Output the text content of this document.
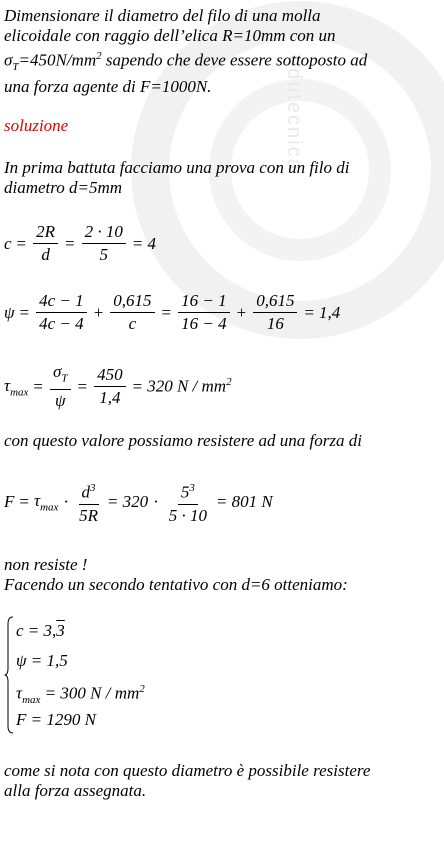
edutecnica
Dimensionare il diametro del filo di una molla
elicoidale con raggio dell’elica R=10mm con un
$\sigma_T=450N/mm^2$ sapendo che deve essere sottoposto ad
una forza agente di F=1000N.
soluzione
In prima battuta facciamo una prova con un filo di
diametro d=5mm
$c = \frac{2R}{d} = \frac{2 \cdot 10}{5} = 4$
$\psi = \frac{4c - 1}{4c - 4} + \frac{0,615}{c} = \frac{16 - 1}{16 - 4} + \frac{0,615}{16} = 1,4$
$\tau_{max} = \frac{\sigma_T}{\psi} = \frac{450}{1,4} = 320$ N / $mm^2$
con questo valore possiamo resistere ad una forza di
$F = \tau_{max} \cdot \frac{d^3}{5R} = 320 \cdot \frac{5^3}{5 \cdot 10} = 801$ N
non resiste !
Facendo un secondo tentativo con d=6 otteniamo:
c = 3,3
ψ = 1,5
$\tau_{max} = 300$ N / $mm^2$
F = 1290 N
come si nota con questo diametro è possibile resistere
alla forza assegnata.
